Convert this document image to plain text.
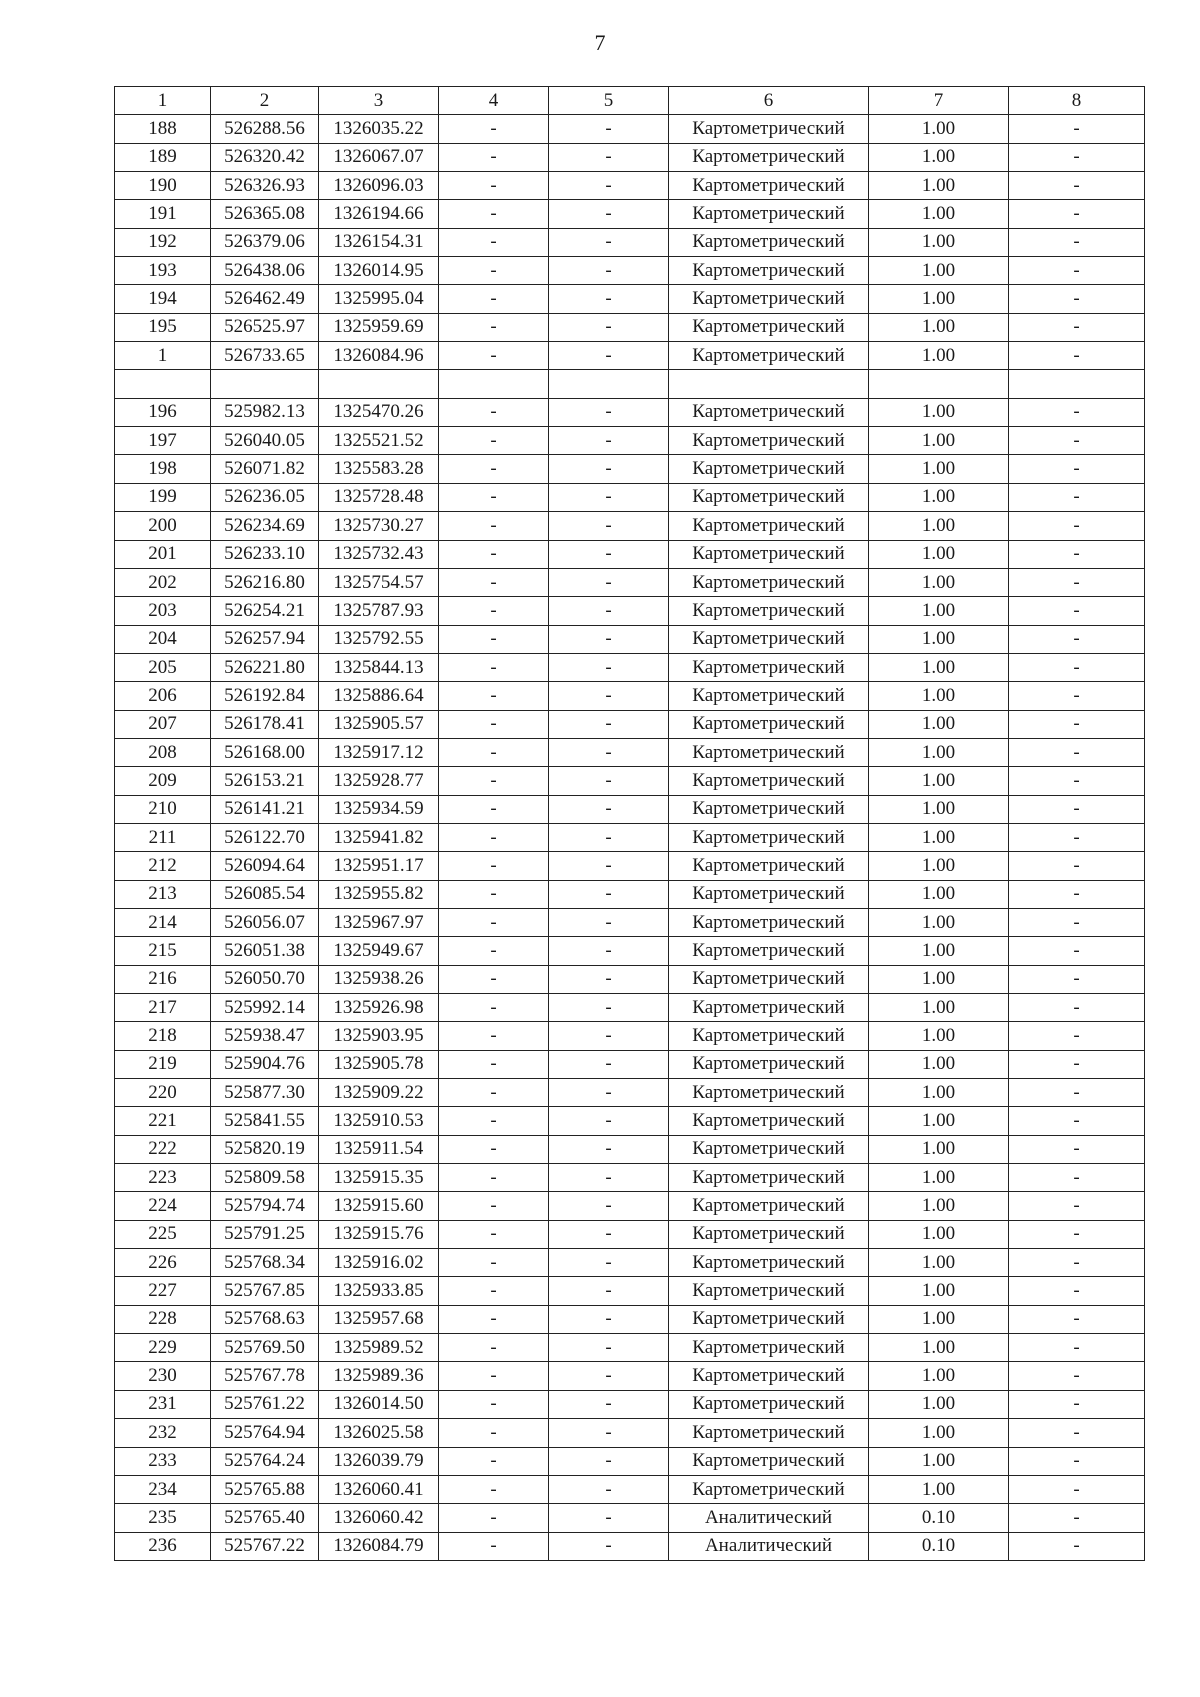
7
1	2	3	4	5	6	7	8
188	526288.56	1326035.22	-	-	Картометрический	1.00	-
189	526320.42	1326067.07	-	-	Картометрический	1.00	-
190	526326.93	1326096.03	-	-	Картометрический	1.00	-
191	526365.08	1326194.66	-	-	Картометрический	1.00	-
192	526379.06	1326154.31	-	-	Картометрический	1.00	-
193	526438.06	1326014.95	-	-	Картометрический	1.00	-
194	526462.49	1325995.04	-	-	Картометрический	1.00	-
195	526525.97	1325959.69	-	-	Картометрический	1.00	-
1	526733.65	1326084.96	-	-	Картометрический	1.00	-

196	525982.13	1325470.26	-	-	Картометрический	1.00	-
197	526040.05	1325521.52	-	-	Картометрический	1.00	-
198	526071.82	1325583.28	-	-	Картометрический	1.00	-
199	526236.05	1325728.48	-	-	Картометрический	1.00	-
200	526234.69	1325730.27	-	-	Картометрический	1.00	-
201	526233.10	1325732.43	-	-	Картометрический	1.00	-
202	526216.80	1325754.57	-	-	Картометрический	1.00	-
203	526254.21	1325787.93	-	-	Картометрический	1.00	-
204	526257.94	1325792.55	-	-	Картометрический	1.00	-
205	526221.80	1325844.13	-	-	Картометрический	1.00	-
206	526192.84	1325886.64	-	-	Картометрический	1.00	-
207	526178.41	1325905.57	-	-	Картометрический	1.00	-
208	526168.00	1325917.12	-	-	Картометрический	1.00	-
209	526153.21	1325928.77	-	-	Картометрический	1.00	-
210	526141.21	1325934.59	-	-	Картометрический	1.00	-
211	526122.70	1325941.82	-	-	Картометрический	1.00	-
212	526094.64	1325951.17	-	-	Картометрический	1.00	-
213	526085.54	1325955.82	-	-	Картометрический	1.00	-
214	526056.07	1325967.97	-	-	Картометрический	1.00	-
215	526051.38	1325949.67	-	-	Картометрический	1.00	-
216	526050.70	1325938.26	-	-	Картометрический	1.00	-
217	525992.14	1325926.98	-	-	Картометрический	1.00	-
218	525938.47	1325903.95	-	-	Картометрический	1.00	-
219	525904.76	1325905.78	-	-	Картометрический	1.00	-
220	525877.30	1325909.22	-	-	Картометрический	1.00	-
221	525841.55	1325910.53	-	-	Картометрический	1.00	-
222	525820.19	1325911.54	-	-	Картометрический	1.00	-
223	525809.58	1325915.35	-	-	Картометрический	1.00	-
224	525794.74	1325915.60	-	-	Картометрический	1.00	-
225	525791.25	1325915.76	-	-	Картометрический	1.00	-
226	525768.34	1325916.02	-	-	Картометрический	1.00	-
227	525767.85	1325933.85	-	-	Картометрический	1.00	-
228	525768.63	1325957.68	-	-	Картометрический	1.00	-
229	525769.50	1325989.52	-	-	Картометрический	1.00	-
230	525767.78	1325989.36	-	-	Картометрический	1.00	-
231	525761.22	1326014.50	-	-	Картометрический	1.00	-
232	525764.94	1326025.58	-	-	Картометрический	1.00	-
233	525764.24	1326039.79	-	-	Картометрический	1.00	-
234	525765.88	1326060.41	-	-	Картометрический	1.00	-
235	525765.40	1326060.42	-	-	Аналитический	0.10	-
236	525767.22	1326084.79	-	-	Аналитический	0.10	-
